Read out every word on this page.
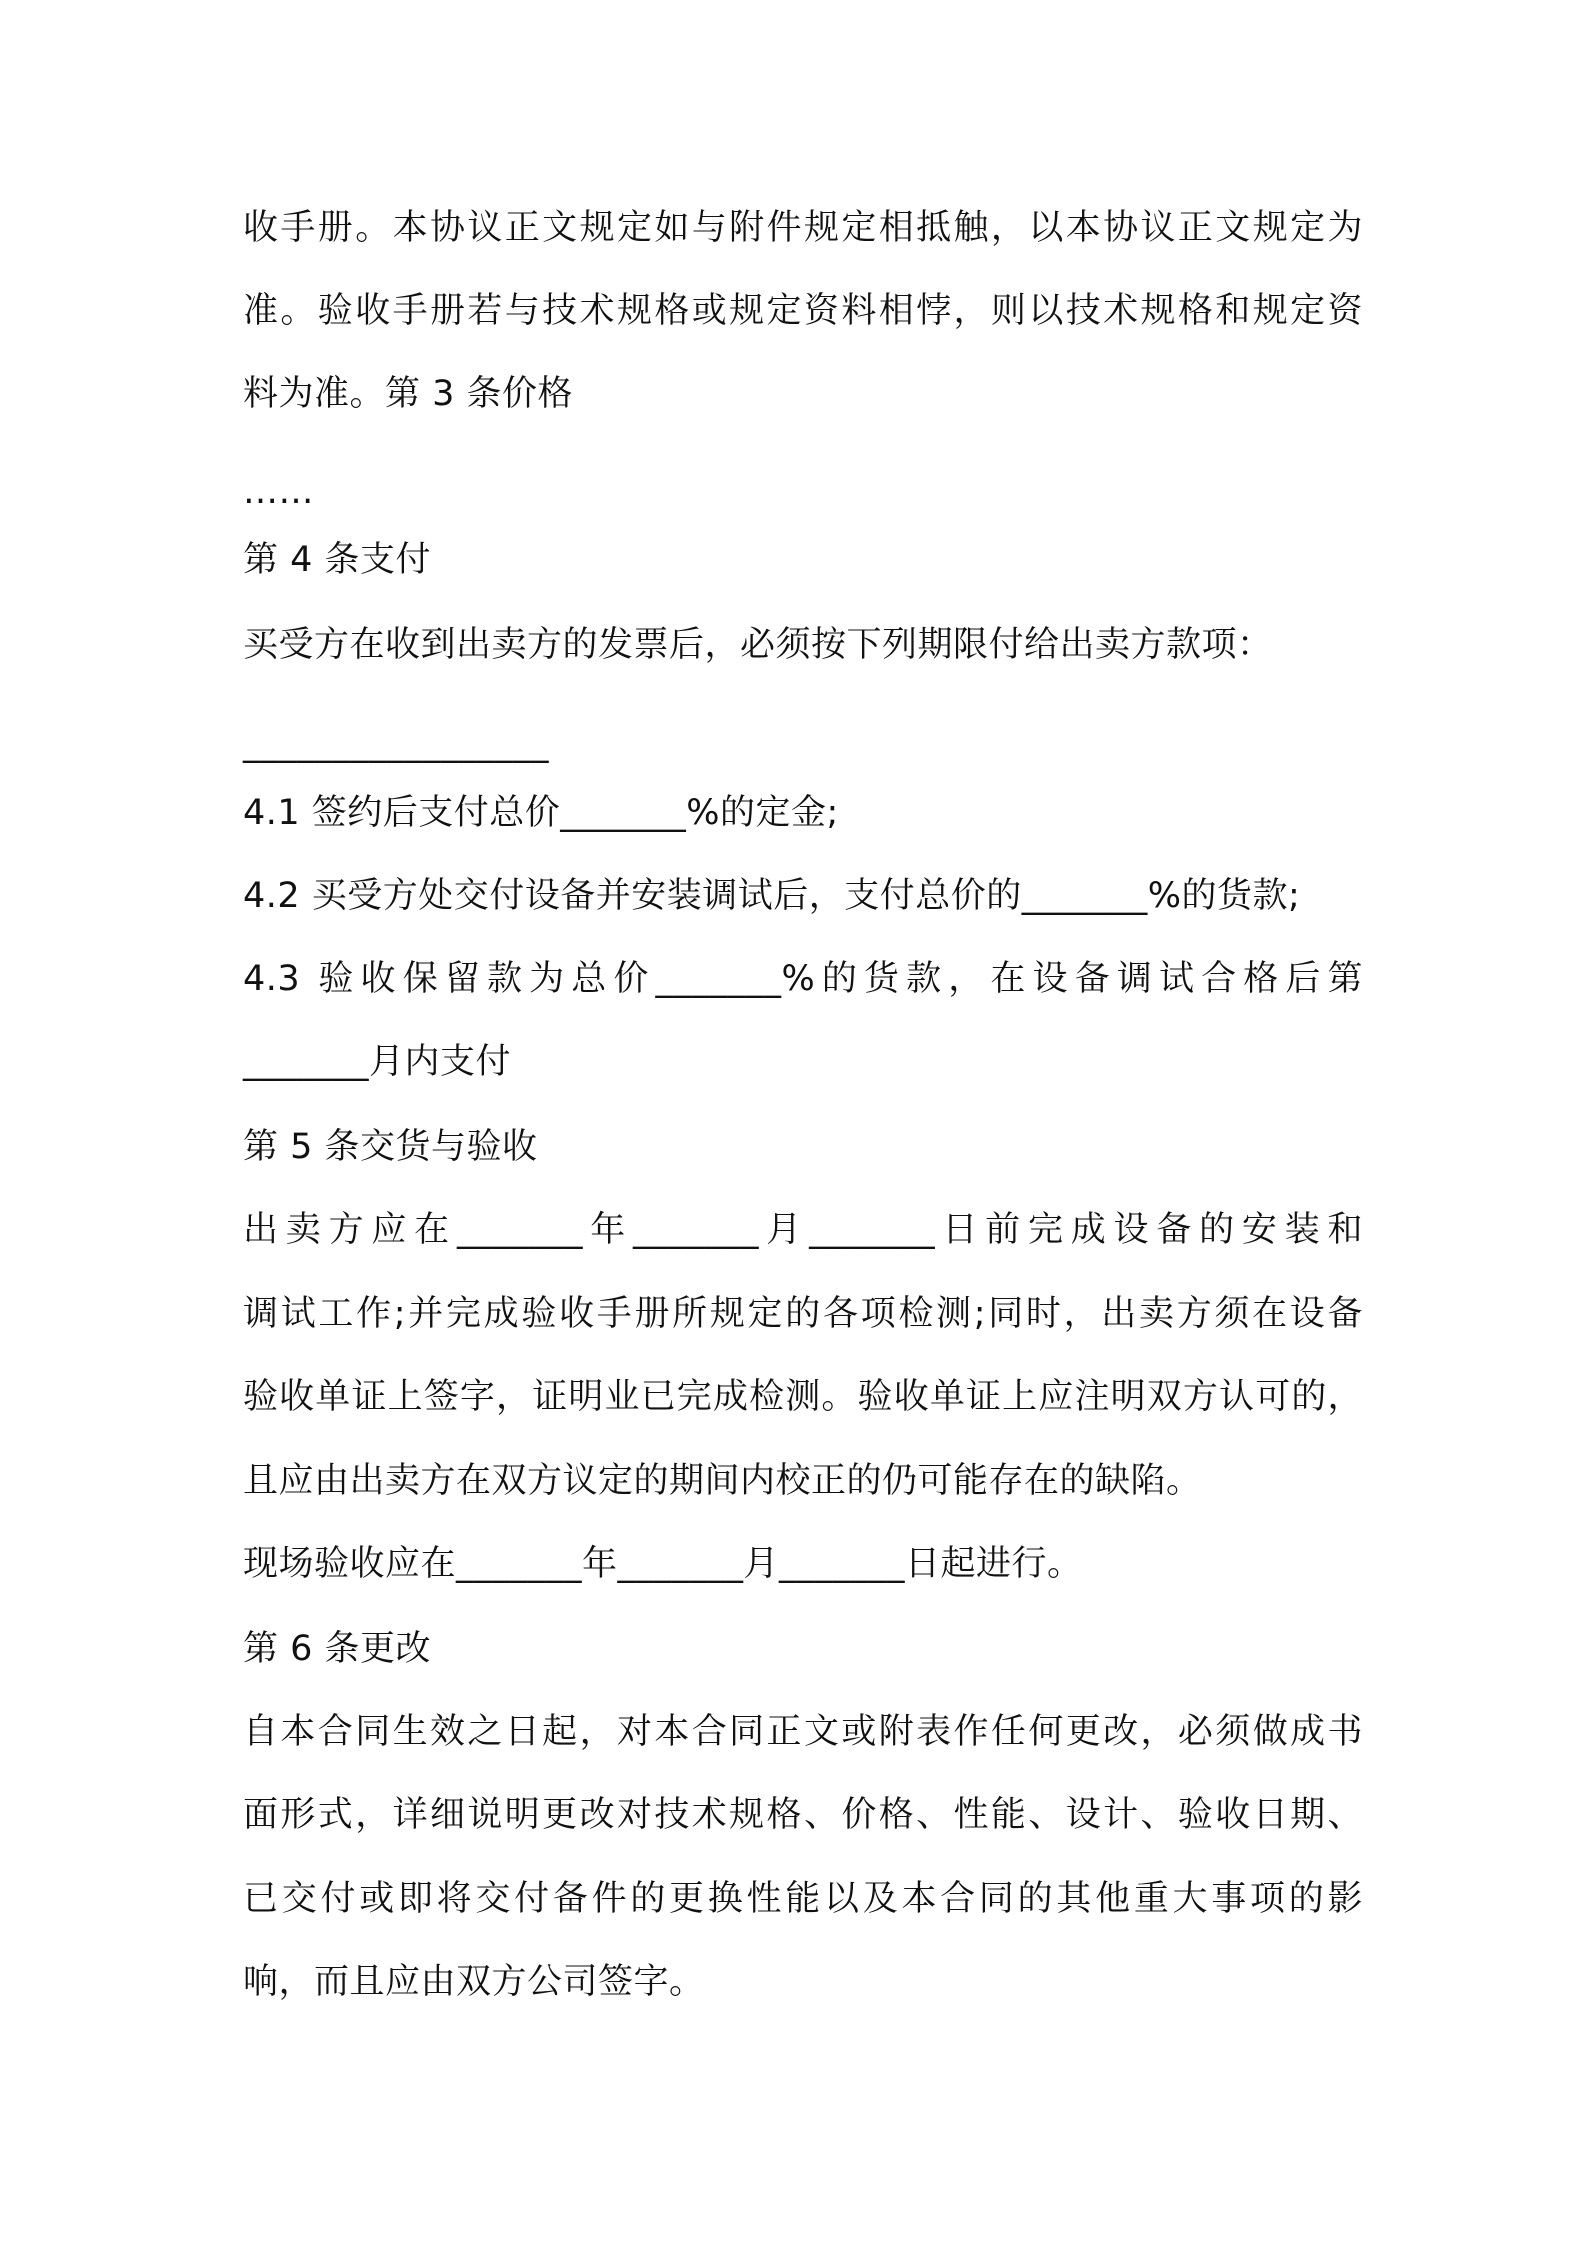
收手册。本协议正文规定如与附件规定相抵触，以本协议正文规定为
准。验收手册若与技术规格或规定资料相悖，则以技术规格和规定资
料为准。第 3 条价格
……
第 4 条支付
买受方在收到出卖方的发票后，必须按下列期限付给出卖方款项：
_________________
4.1 签约后支付总价_______%的定金;
4.2 买受方处交付设备并安装调试后，支付总价的_______%的货款;
4.3 验收保留款为总价_______%的货款，在设备调试合格后第
_______月内支付
第 5 条交货与验收
出卖方应在_______年_______月_______日前完成设备的安装和
调试工作;并完成验收手册所规定的各项检测;同时，出卖方须在设备
验收单证上签字，证明业已完成检测。验收单证上应注明双方认可的，
且应由出卖方在双方议定的期间内校正的仍可能存在的缺陷。
现场验收应在_______年_______月_______日起进行。
第 6 条更改
自本合同生效之日起，对本合同正文或附表作任何更改，必须做成书
面形式，详细说明更改对技术规格、价格、性能、设计、验收日期、
已交付或即将交付备件的更换性能以及本合同的其他重大事项的影
响，而且应由双方公司签字。
